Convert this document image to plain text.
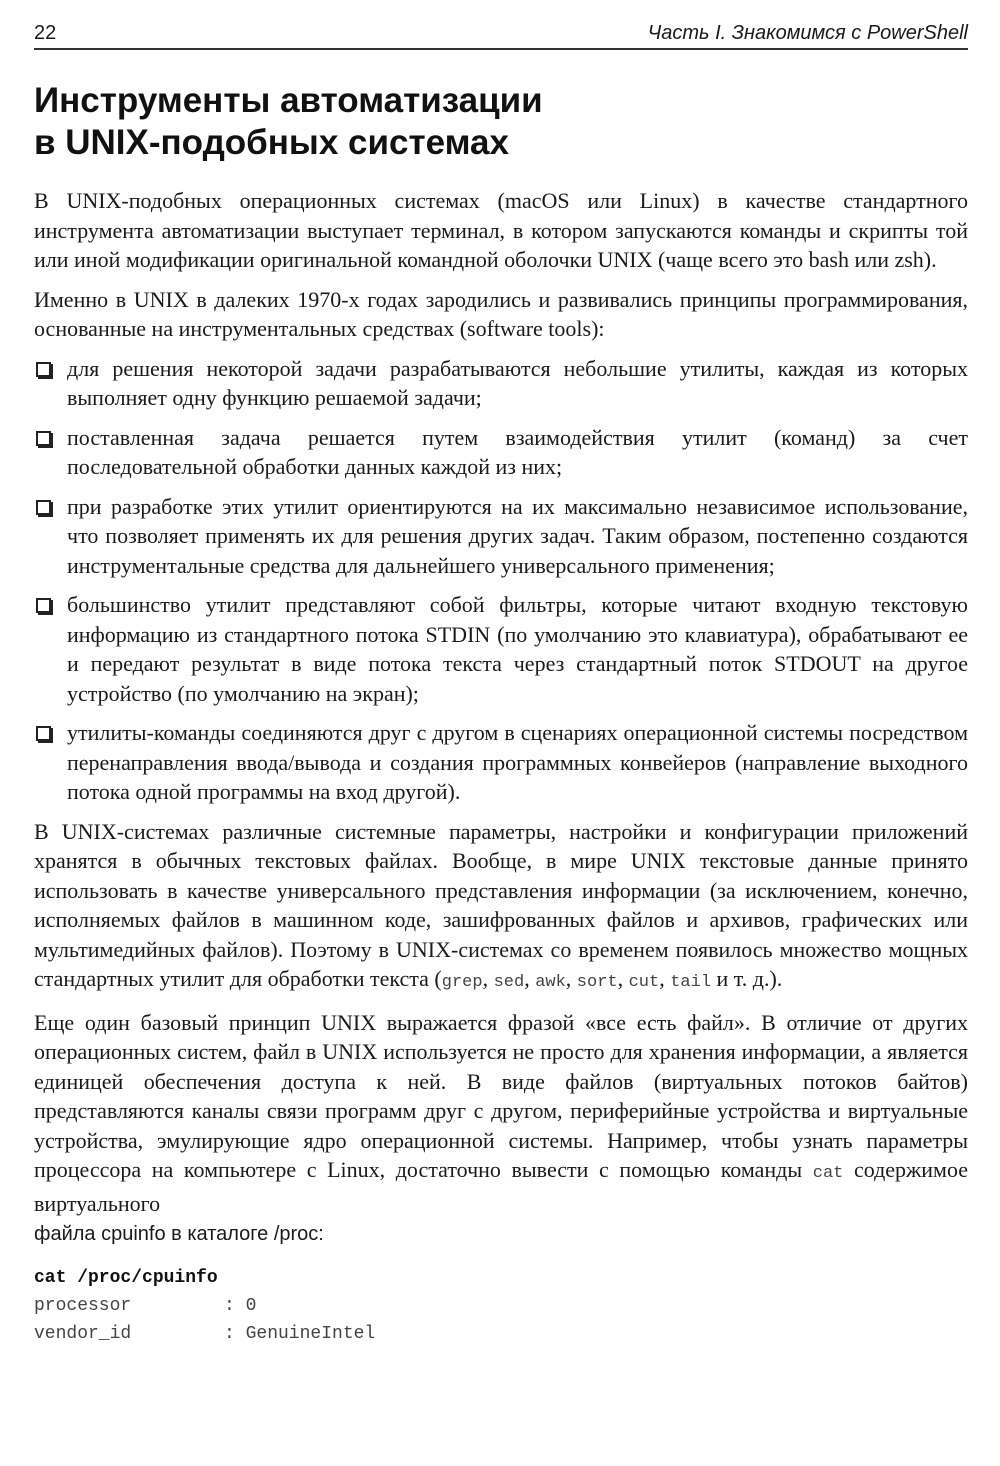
22	Часть I. Знакомимся с PowerShell
Инструменты автоматизации
в UNIX-подобных системах

В UNIX-подобных операционных системах (macOS или Linux) в качестве стандартного инструмента автоматизации выступает терминал, в котором запускаются команды и скрипты той или иной модификации оригинальной командной оболочки UNIX (чаще всего это bash или zsh).

Именно в UNIX в далеких 1970-х годах зародились и развивались принципы программирования, основанные на инструментальных средствах (software tools):

для решения некоторой задачи разрабатываются небольшие утилиты, каждая из которых выполняет одну функцию решаемой задачи;
поставленная задача решается путем взаимодействия утилит (команд) за счет последовательной обработки данных каждой из них;
при разработке этих утилит ориентируются на их максимально независимое использование, что позволяет применять их для решения других задач. Таким образом, постепенно создаются инструментальные средства для дальнейшего универсального применения;
большинство утилит представляют собой фильтры, которые читают входную текстовую информацию из стандартного потока STDIN (по умолчанию это клавиатура), обрабатывают ее и передают результат в виде потока текста через стандартный поток STDOUT на другое устройство (по умолчанию на экран);
утилиты-команды соединяются друг с другом в сценариях операционной системы посредством перенаправления ввода/вывода и создания программных конвейеров (направление выходного потока одной программы на вход другой).

В UNIX-системах различные системные параметры, настройки и конфигурации приложений хранятся в обычных текстовых файлах. Вообще, в мире UNIX текстовые данные принято использовать в качестве универсального представления информации (за исключением, конечно, исполняемых файлов в машинном коде, зашифрованных файлов и архивов, графических или мультимедийных файлов). Поэтому в UNIX-системах со временем появилось множество мощных стандартных утилит для обработки текста (grep, sed, awk, sort, cut, tail и т. д.).

Еще один базовый принцип UNIX выражается фразой «все есть файл». В отличие от других операционных систем, файл в UNIX используется не просто для хранения информации, а является единицей обеспечения доступа к ней. В виде файлов (виртуальных потоков байтов) представляются каналы связи программ друг с другом, периферийные устройства и виртуальные устройства, эмулирующие ядро операционной системы. Например, чтобы узнать параметры процессора на компьютере с Linux, достаточно вывести с помощью команды cat содержимое виртуального
файла cpuinfo в каталоге /proc:

cat /proc/cpuinfo
processor	: 0
vendor_id	: GenuineIntel
